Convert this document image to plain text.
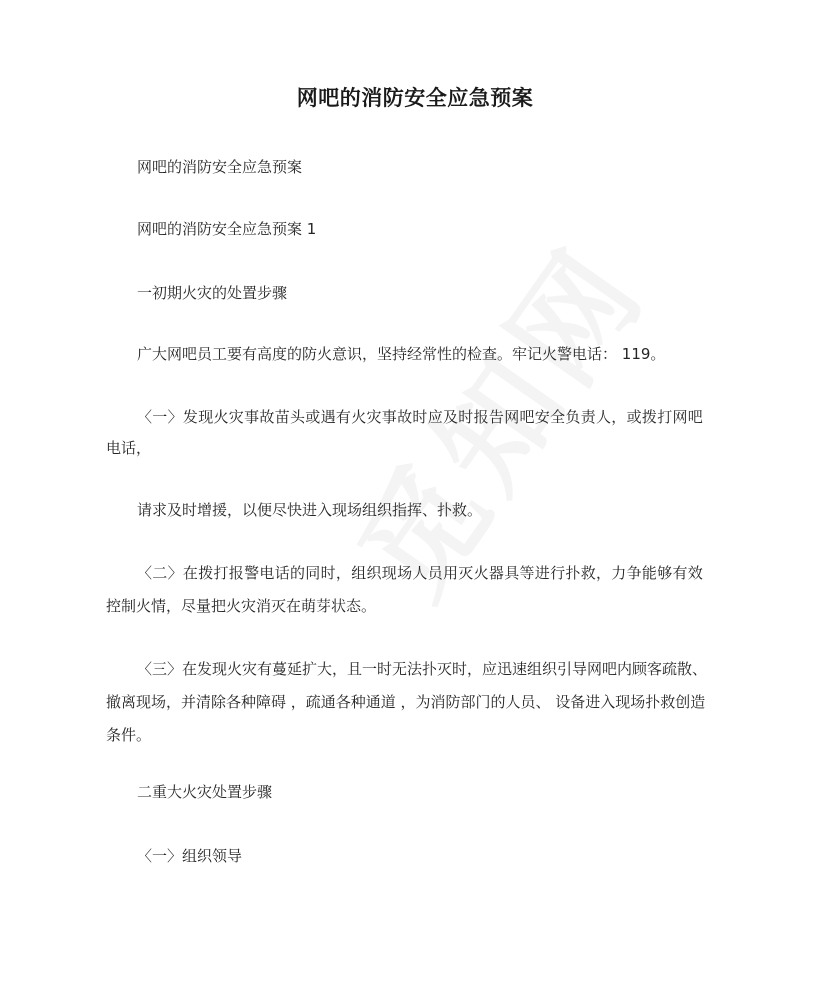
网吧的消防安全应急预案
网吧的消防安全应急预案
网吧的消防安全应急预案 1
一初期火灾的处置步骤
广大网吧员工要有高度的防火意识，坚持经常性的检查。牢记火警电话： 119。
〈一〉发现火灾事故苗头或遇有火灾事故时应及时报告网吧安全负责人，或拨打网吧
电话，
请求及时增援，以便尽快进入现场组织指挥、扑救。
〈二〉在拨打报警电话的同时，组织现场人员用灭火器具等进行扑救，力争能够有效
控制火情，尽量把火灾消灭在萌芽状态。
〈三〉在发现火灾有蔓延扩大，且一时无法扑灭时，应迅速组织引导网吧内顾客疏散、
撤离现场，并清除各种障碍 ，疏通各种通道 ，为消防部门的人员、 设备进入现场扑救创造
条件。
二重大火灾处置步骤
〈一〉组织领导
